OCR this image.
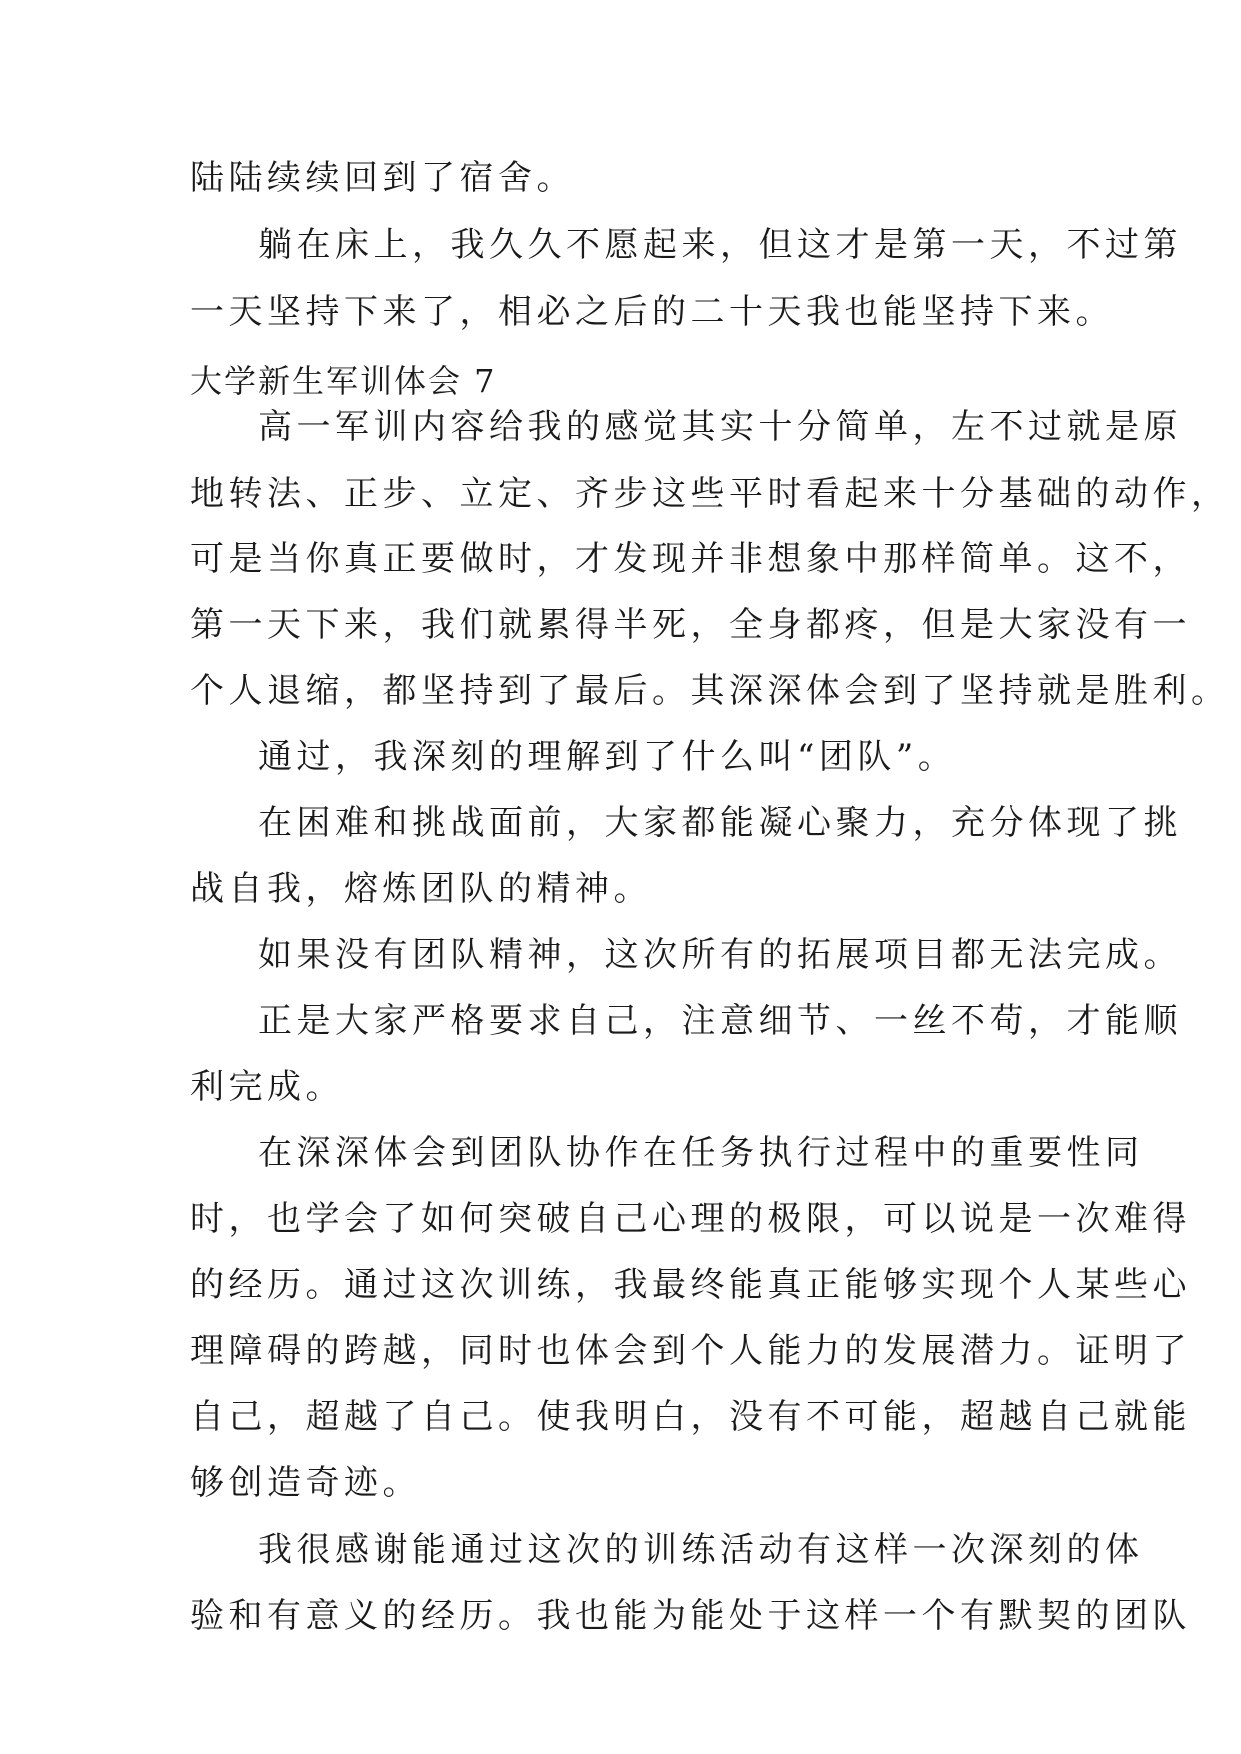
陆陆续续回到了宿舍。
躺在床上，我久久不愿起来，但这才是第一天，不过第
一天坚持下来了，相必之后的二十天我也能坚持下来。
大学新生军训体会 7
高一军训内容给我的感觉其实十分简单，左不过就是原
地转法、正步、立定、齐步这些平时看起来十分基础的动作，
可是当你真正要做时，才发现并非想象中那样简单。这不，
第一天下来，我们就累得半死，全身都疼，但是大家没有一
个人退缩，都坚持到了最后。其深深体会到了坚持就是胜利。
通过，我深刻的理解到了什么叫“团队”。
在困难和挑战面前，大家都能凝心聚力，充分体现了挑
战自我，熔炼团队的精神。
如果没有团队精神，这次所有的拓展项目都无法完成。
正是大家严格要求自己，注意细节、一丝不苟，才能顺
利完成。
在深深体会到团队协作在任务执行过程中的重要性同
时，也学会了如何突破自己心理的极限，可以说是一次难得
的经历。通过这次训练，我最终能真正能够实现个人某些心
理障碍的跨越，同时也体会到个人能力的发展潜力。证明了
自己，超越了自己。使我明白，没有不可能，超越自己就能
够创造奇迹。
我很感谢能通过这次的训练活动有这样一次深刻的体
验和有意义的经历。我也能为能处于这样一个有默契的团队
